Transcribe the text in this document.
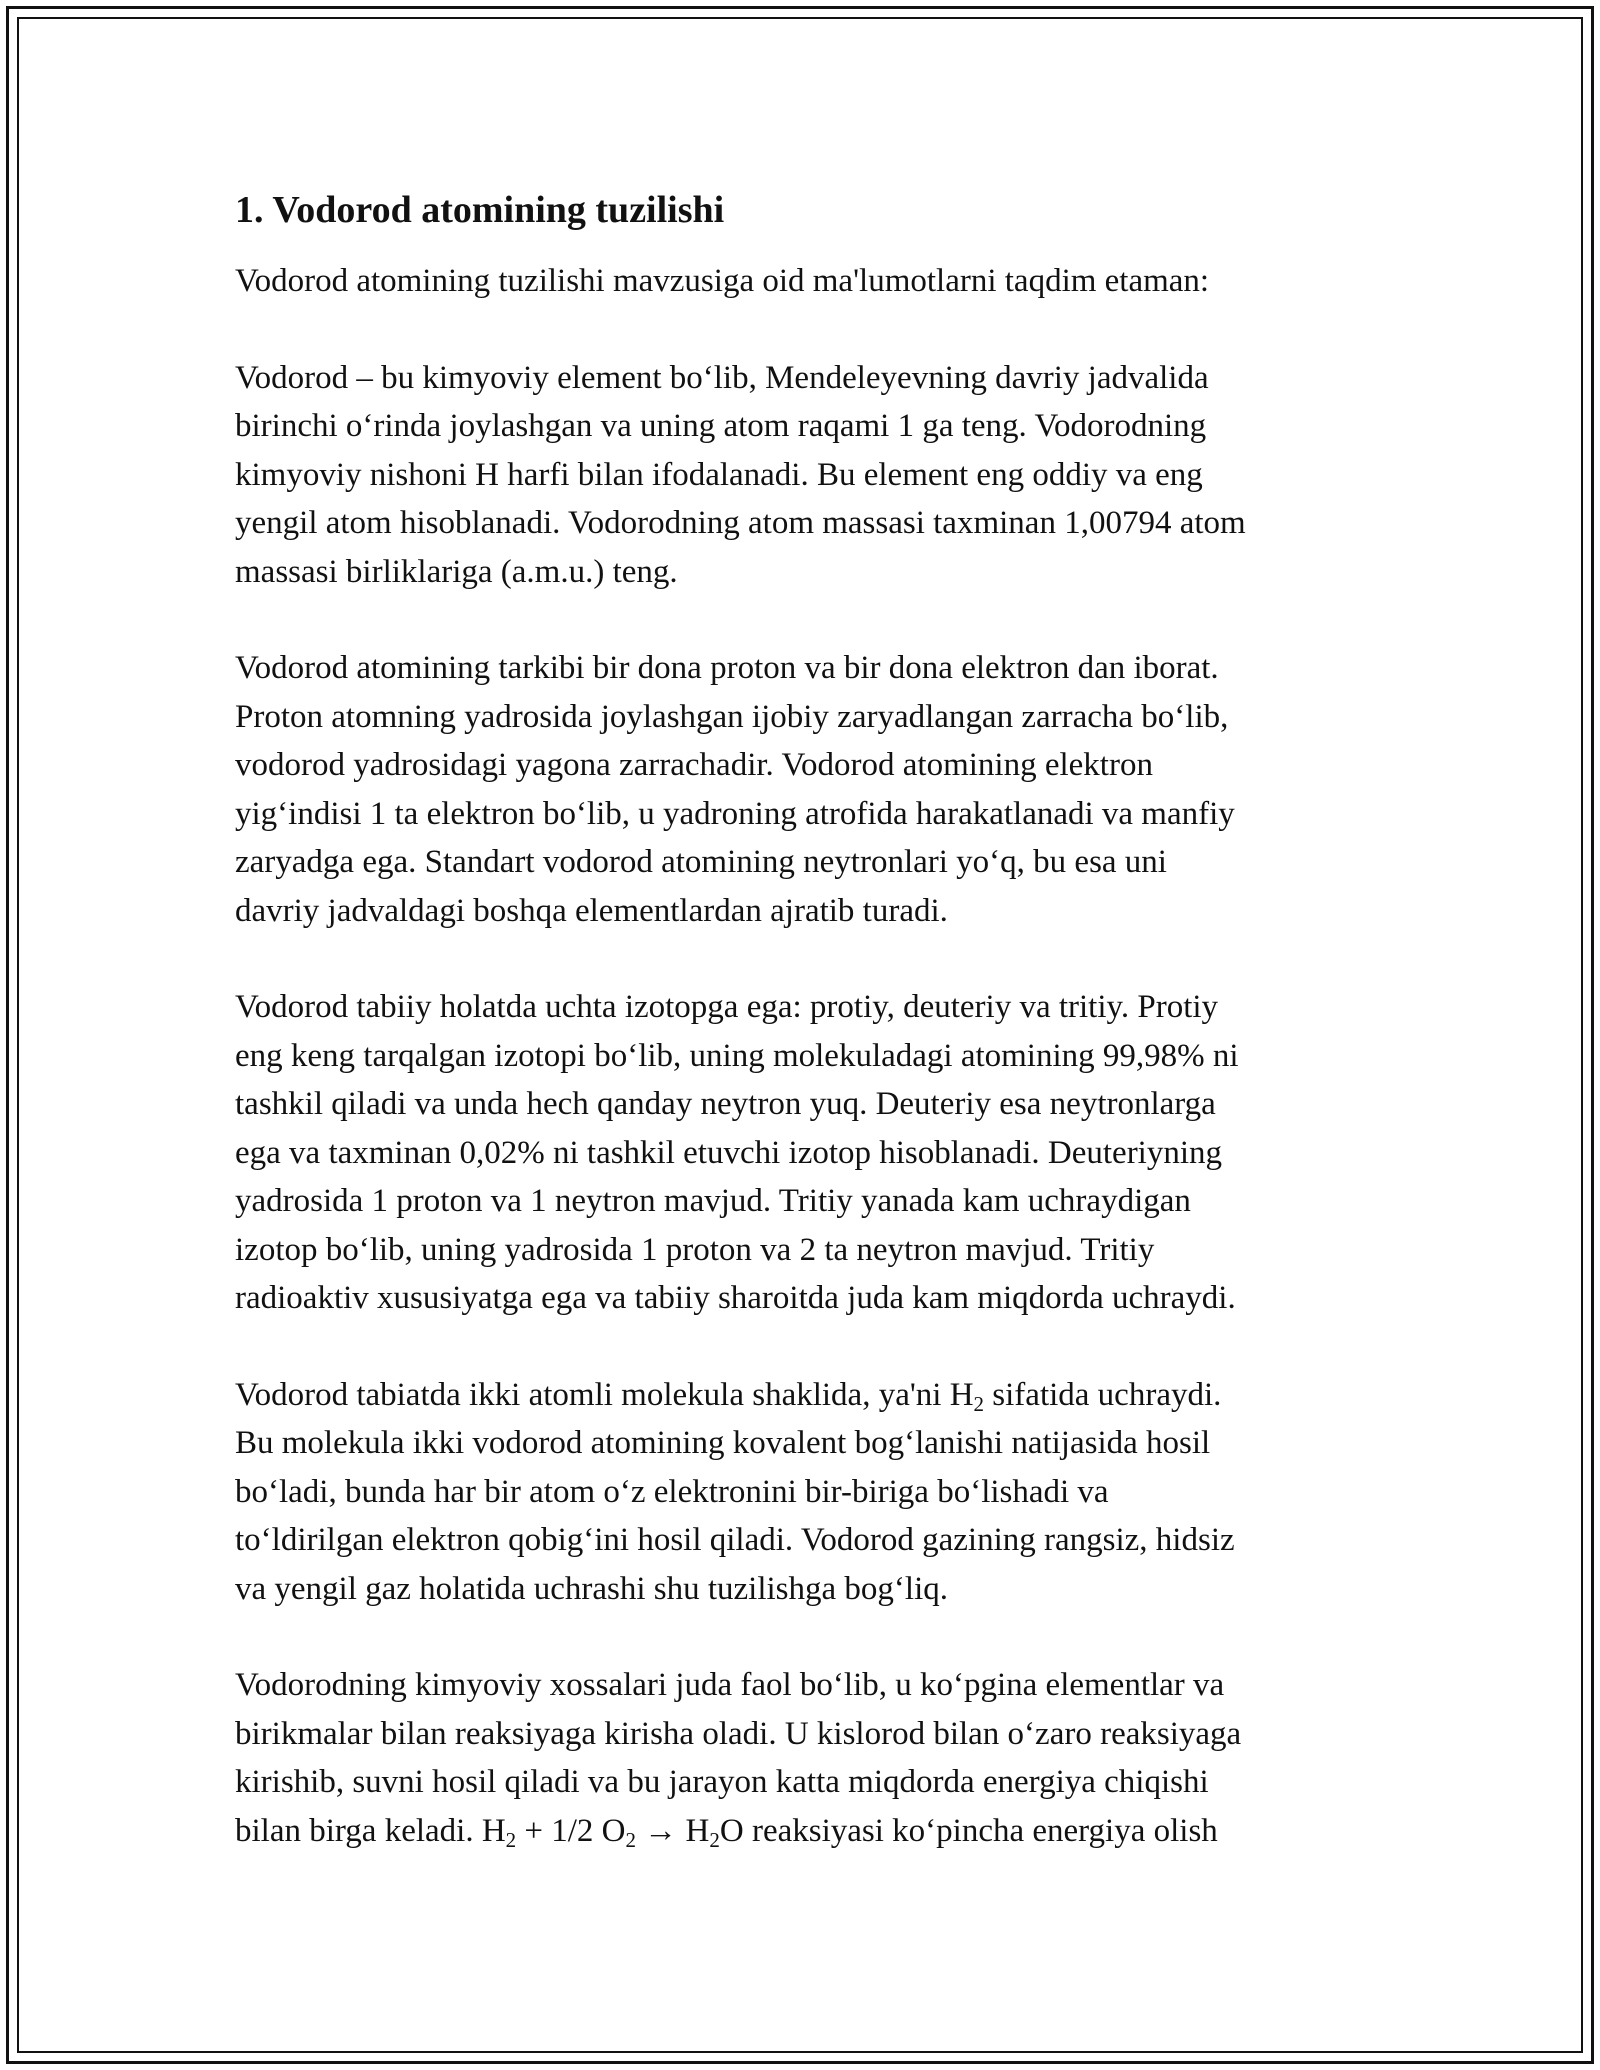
1. Vodorod atomining tuzilishi

Vodorod atomining tuzilishi mavzusiga oid ma'lumotlarni taqdim etaman:

Vodorod – bu kimyoviy element bo‘lib, Mendeleyevning davriy jadvalida
birinchi o‘rinda joylashgan va uning atom raqami 1 ga teng. Vodorodning
kimyoviy nishoni H harfi bilan ifodalanadi. Bu element eng oddiy va eng
yengil atom hisoblanadi. Vodorodning atom massasi taxminan 1,00794 atom
massasi birliklariga (a.m.u.) teng.

Vodorod atomining tarkibi bir dona proton va bir dona elektron dan iborat.
Proton atomning yadrosida joylashgan ijobiy zaryadlangan zarracha bo‘lib,
vodorod yadrosidagi yagona zarrachadir. Vodorod atomining elektron
yig‘indisi 1 ta elektron bo‘lib, u yadroning atrofida harakatlanadi va manfiy
zaryadga ega. Standart vodorod atomining neytronlari yo‘q, bu esa uni
davriy jadvaldagi boshqa elementlardan ajratib turadi.

Vodorod tabiiy holatda uchta izotopga ega: protiy, deuteriy va tritiy. Protiy
eng keng tarqalgan izotopi bo‘lib, uning molekuladagi atomining 99,98% ni
tashkil qiladi va unda hech qanday neytron yuq. Deuteriy esa neytronlarga
ega va taxminan 0,02% ni tashkil etuvchi izotop hisoblanadi. Deuteriyning
yadrosida 1 proton va 1 neytron mavjud. Tritiy yanada kam uchraydigan
izotop bo‘lib, uning yadrosida 1 proton va 2 ta neytron mavjud. Tritiy
radioaktiv xususiyatga ega va tabiiy sharoitda juda kam miqdorda uchraydi.

Vodorod tabiatda ikki atomli molekula shaklida, ya'ni $H_2$ sifatida uchraydi.
Bu molekula ikki vodorod atomining kovalent bog‘lanishi natijasida hosil
bo‘ladi, bunda har bir atom o‘z elektronini bir-biriga bo‘lishadi va
to‘ldirilgan elektron qobig‘ini hosil qiladi. Vodorod gazining rangsiz, hidsiz
va yengil gaz holatida uchrashi shu tuzilishga bog‘liq.

Vodorodning kimyoviy xossalari juda faol bo‘lib, u ko‘pgina elementlar va
birikmalar bilan reaksiyaga kirisha oladi. U kislorod bilan o‘zaro reaksiyaga
kirishib, suvni hosil qiladi va bu jarayon katta miqdorda energiya chiqishi
bilan birga keladi. $H_2 + 1/2$ $O_2 \to H_2O$ reaksiyasi ko‘pincha energiya olish
